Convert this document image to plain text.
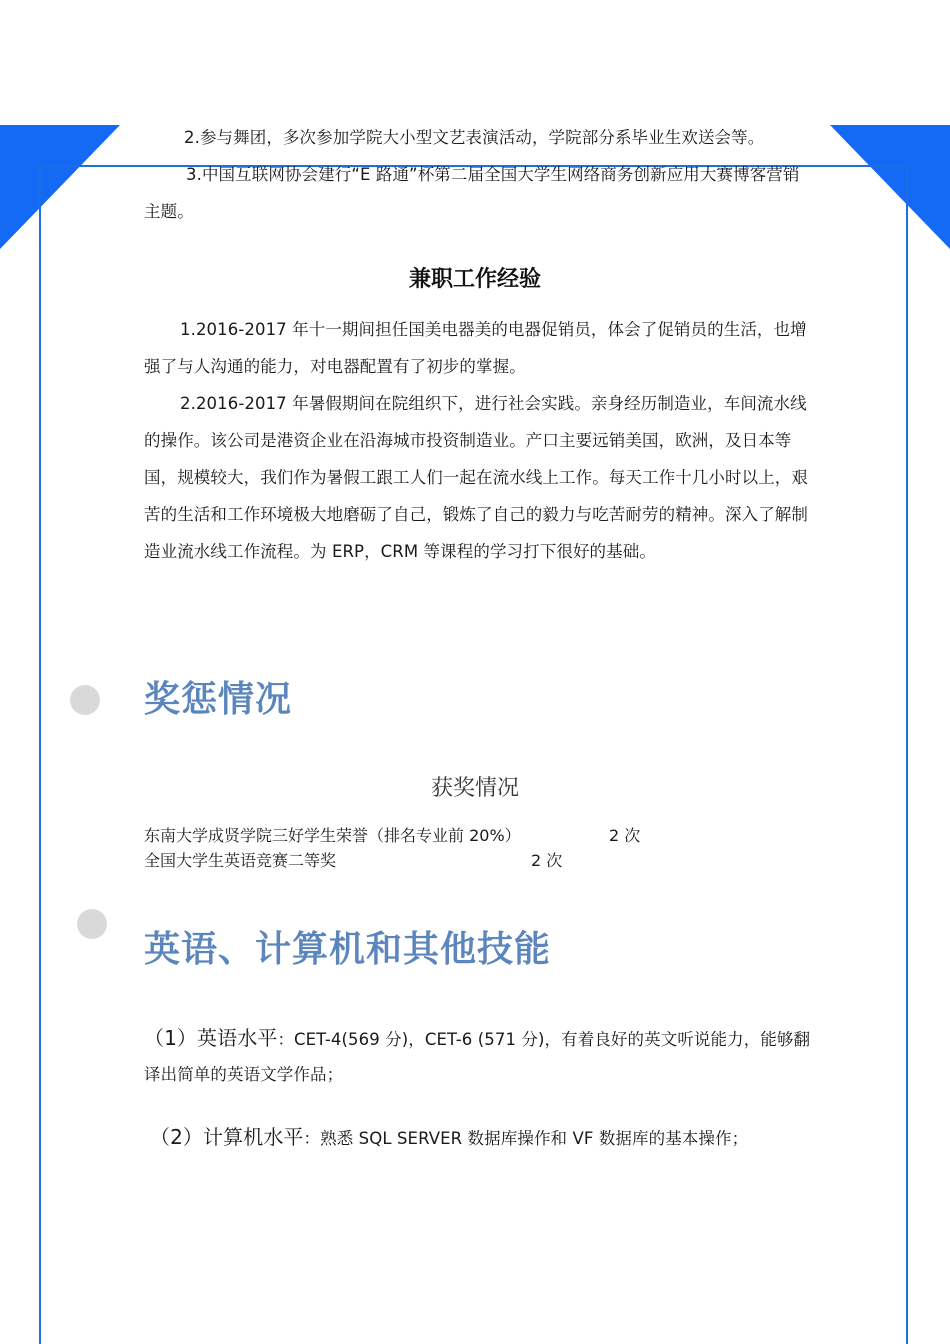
2.参与舞团，多次参加学院大小型文艺表演活动，学院部分系毕业生欢送会等。
3.中国互联网协会建行“E 路通”杯第二届全国大学生网络商务创新应用大赛博客营销主题。
兼职工作经验
1.2016-2017 年十一期间担任国美电器美的电器促销员，体会了促销员的生活，也增强了与人沟通的能力，对电器配置有了初步的掌握。
2.2016-2017 年暑假期间在院组织下，进行社会实践。亲身经历制造业，车间流水线的操作。该公司是港资企业在沿海城市投资制造业。产口主要远销美国，欧洲，及日本等国，规模较大，我们作为暑假工跟工人们一起在流水线上工作。每天工作十几小时以上，艰苦的生活和工作环境极大地磨砺了自己，锻炼了自己的毅力与吃苦耐劳的精神。深入了解制造业流水线工作流程。为 ERP，CRM 等课程的学习打下很好的基础。
奖惩情况
获奖情况
东南大学成贤学院三好学生荣誉（排名专业前 20%）	2 次
全国大学生英语竞赛二等奖	2 次
英语、计算机和其他技能
（1）英语水平：CET-4(569 分)，CET-6 (571 分)，有着良好的英文听说能力，能够翻译出简单的英语文学作品；
（2）计算机水平：熟悉 SQL SERVER 数据库操作和 VF 数据库的基本操作；
